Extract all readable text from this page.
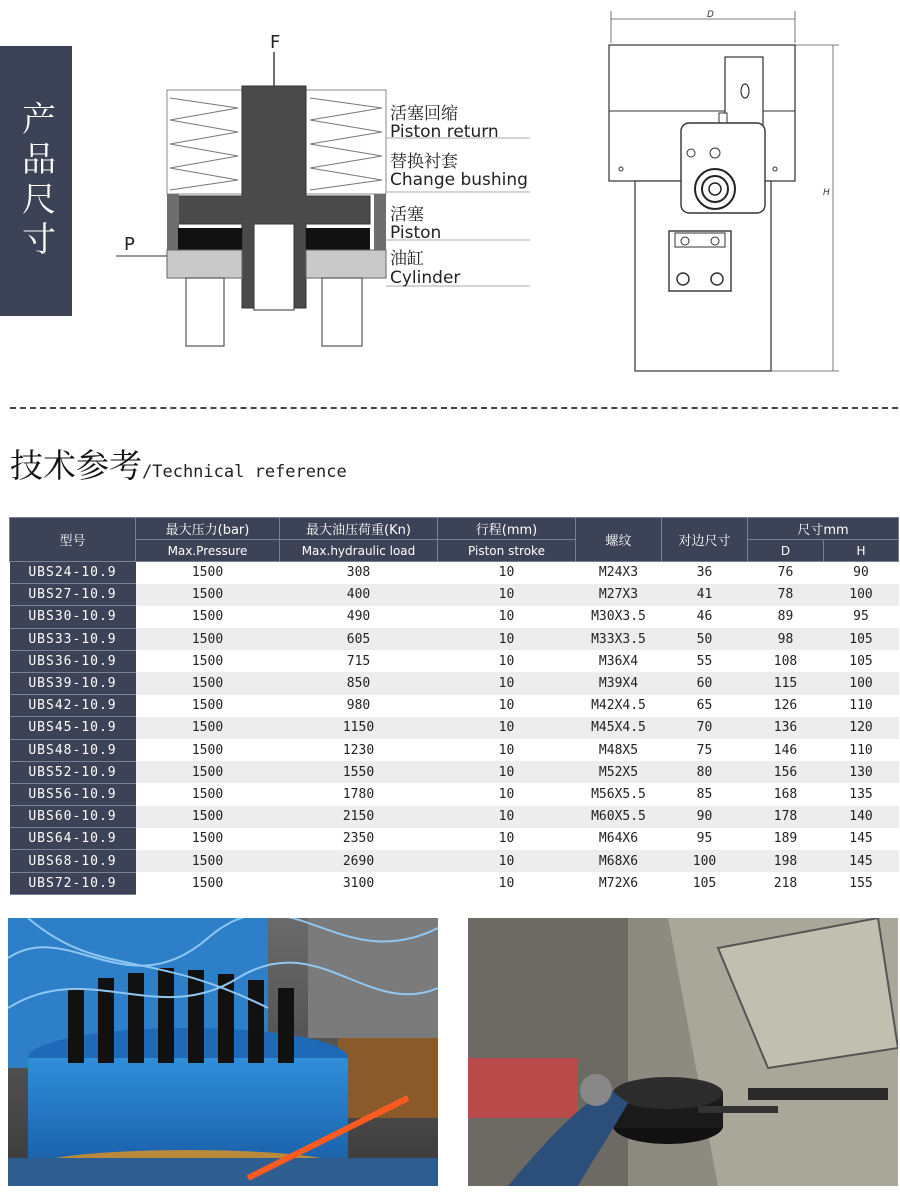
产品尺寸
F
P
活塞回缩
Piston return
替换衬套
Change bushing
活塞
Piston
油缸
Cylinder
D
H
技术参考/Technical reference
型号	最大压力(bar)	最大油压荷重(Kn)	行程(mm)	螺纹	对边尺寸	尺寸mm	
	Max.Pressure	Max.hydraulic load	Piston stroke			D	H
UBS24-10.9	1500	308	10	M24X3	36	76	90
UBS27-10.9	1500	400	10	M27X3	41	78	100
UBS30-10.9	1500	490	10	M30X3.5	46	89	95
UBS33-10.9	1500	605	10	M33X3.5	50	98	105
UBS36-10.9	1500	715	10	M36X4	55	108	105
UBS39-10.9	1500	850	10	M39X4	60	115	100
UBS42-10.9	1500	980	10	M42X4.5	65	126	110
UBS45-10.9	1500	1150	10	M45X4.5	70	136	120
UBS48-10.9	1500	1230	10	M48X5	75	146	110
UBS52-10.9	1500	1550	10	M52X5	80	156	130
UBS56-10.9	1500	1780	10	M56X5.5	85	168	135
UBS60-10.9	1500	2150	10	M60X5.5	90	178	140
UBS64-10.9	1500	2350	10	M64X6	95	189	145
UBS68-10.9	1500	2690	10	M68X6	100	198	145
UBS72-10.9	1500	3100	10	M72X6	105	218	155
